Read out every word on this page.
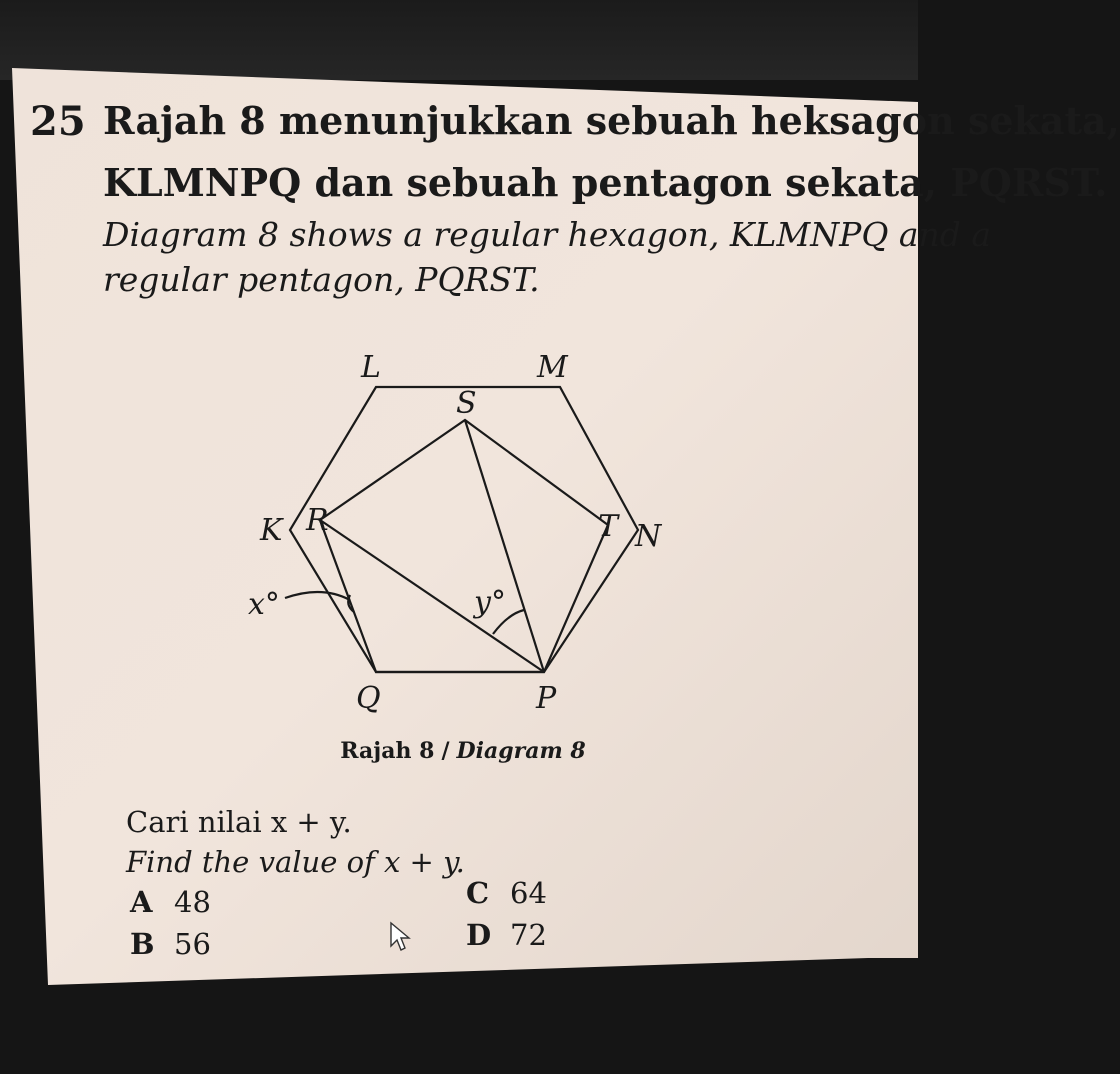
25 Rajah 8 menunjukkan sebuah heksagon sekata,
KLMNPQ dan sebuah pentagon sekata, PQRST.
Diagram 8 shows a regular hexagon, KLMNPQ and a
regular pentagon, PQRST.
L	M
S
K R	T N
Q	P
x°	y°
Rajah 8 / Diagram 8
Cari nilai x + y.
Find the value of x + y.
A 48
B 56
C 64
D 72
